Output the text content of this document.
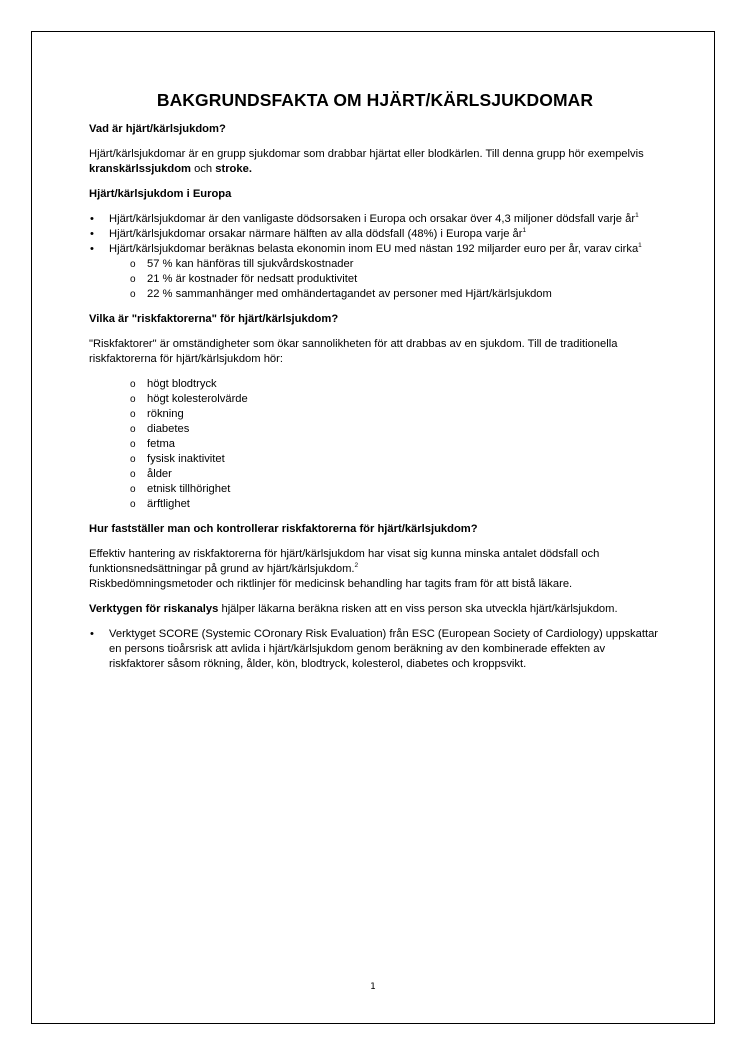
BAKGRUNDSFAKTA OM HJÄRT/KÄRLSJUKDOMAR
Vad är hjärt/kärlsjukdom?

Hjärt/kärlsjukdomar är en grupp sjukdomar som drabbar hjärtat eller blodkärlen. Till denna grupp hör exempelvis kranskärlssjukdom och stroke.

Hjärt/kärlsjukdom i Europa
• Hjärt/kärlsjukdomar är den vanligaste dödsorsaken i Europa och orsakar över 4,3 miljoner dödsfall varje $år^1$
• Hjärt/kärlsjukdomar orsakar närmare hälften av alla dödsfall (48%) i Europa varje $år^1$
• Hjärt/kärlsjukdomar beräknas belasta ekonomin inom EU med nästan 192 miljarder euro per år, varav cirka$^1$
o 57 % kan hänföras till sjukvårdskostnader
o 21 % är kostnader för nedsatt produktivitet
o 22 % sammanhänger med omhändertagandet av personer med Hjärt/kärlsjukdom
Vilka är "riskfaktorerna" för hjärt/kärlsjukdom?

"Riskfaktorer" är omständigheter som ökar sannolikheten för att drabbas av en sjukdom. Till de traditionella riskfaktorerna för hjärt/kärlsjukdom hör:

o högt blodtryck
o högt kolesterolvärde
o rökning
o diabetes
o fetma
o fysisk inaktivitet
o ålder
o etnisk tillhörighet
o ärftlighet
Hur fastställer man och kontrollerar riskfaktorerna för hjärt/kärlsjukdom?

Effektiv hantering av riskfaktorerna för hjärt/kärlsjukdom har visat sig kunna minska antalet dödsfall och funktionsnedsättningar på grund av hjärt/kärlsjukdom.$^2$
Riskbedömningsmetoder och riktlinjer för medicinsk behandling har tagits fram för att bistå läkare.

Verktygen för riskanalys hjälper läkarna beräkna risken att en viss person ska utveckla hjärt/kärlsjukdom.

• Verktyget SCORE (Systemic COronary Risk Evaluation) från ESC (European Society of Cardiology) uppskattar en persons tioårsrisk att avlida i hjärt/kärlsjukdom genom beräkning av den kombinerade effekten av riskfaktorer såsom rökning, ålder, kön, blodtryck, kolesterol, diabetes och kroppsvikt.
1
